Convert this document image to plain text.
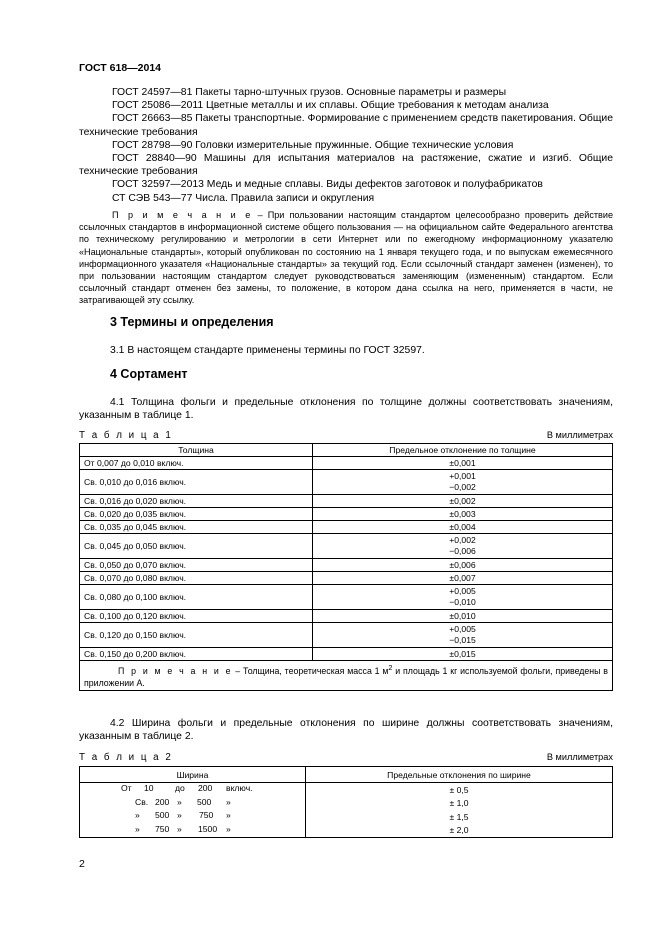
ГОСТ 618—2014

ГОСТ 24597—81 Пакеты тарно-штучных грузов. Основные параметры и размеры

ГОСТ 25086—2011 Цветные металлы и их сплавы. Общие требования к методам анализа

ГОСТ 26663—85 Пакеты транспортные. Формирование с применением средств пакетирования. Общие технические требования

ГОСТ 28798—90 Головки измерительные пружинные. Общие технические условия

ГОСТ 28840—90 Машины для испытания материалов на растяжение, сжатие и изгиб. Общие технические требования

ГОСТ 32597—2013 Медь и медные сплавы. Виды дефектов заготовок и полуфабрикатов

СТ СЭВ 543—77 Числа. Правила записи и округления

П р и м е ч а н и е – При пользовании настоящим стандартом целесообразно проверить действие ссылочных стандартов в информационной системе общего пользования — на официальном сайте Федерального агентства по техническому регулированию и метрологии в сети Интернет или по ежегодному информационному указателю «Национальные стандарты», который опубликован по состоянию на 1 января текущего года, и по выпускам ежемесячного информационного указателя «Национальные стандарты» за текущий год. Если ссылочный стандарт заменен (изменен), то при пользовании настоящим стандартом следует руководствоваться заменяющим (измененным) стандартом. Если ссылочный стандарт отменен без замены, то положение, в котором дана ссылка на него, применяется в части, не затрагивающей эту ссылку.

3 Термины и определения

3.1 В настоящем стандарте применены термины по ГОСТ 32597.

4 Сортамент

4.1 Толщина фольги и предельные отклонения по толщине должны соответствовать значениям, указанным в таблице 1.

Т а б л и ц а 1	В миллиметрах
Толщина	Предельное отклонение по толщине
От 0,007 до 0,010 включ.	±0,001
Св. 0,010 до 0,016 включ.	+0,001
−0,002
Св. 0,016 до 0,020 включ.	±0,002
Св. 0,020 до 0,035 включ.	±0,003
Св. 0,035 до 0,045 включ.	±0,004
Св. 0,045 до 0,050 включ.	+0,002
−0,006
Св. 0,050 до 0,070 включ.	±0,006
Св. 0,070 до 0,080 включ.	±0,007
Св. 0,080 до 0,100 включ.	+0,005
−0,010
Св. 0,100 до 0,120 включ.	±0,010
Св. 0,120 до 0,150 включ.	+0,005
−0,015
Св. 0,150 до 0,200 включ.	±0,015
П р и м е ч а н и е – Толщина, теоретическая масса 1 $м^2$ и площадь 1 кг используемой фольги, приведены в приложении А.	

4.2 Ширина фольги и предельные отклонения по ширине должны соответствовать значениям, указанным в таблице 2.

Т а б л и ц а 2	В миллиметрах
Ширина	Предельные отклонения по ширине

От 10 до 200 включ.	± 0,5

Св. 200 » 500 »	± 1,0

» 500 » 750 »	± 1,5

» 750 » 1500 »	± 2,0
2
